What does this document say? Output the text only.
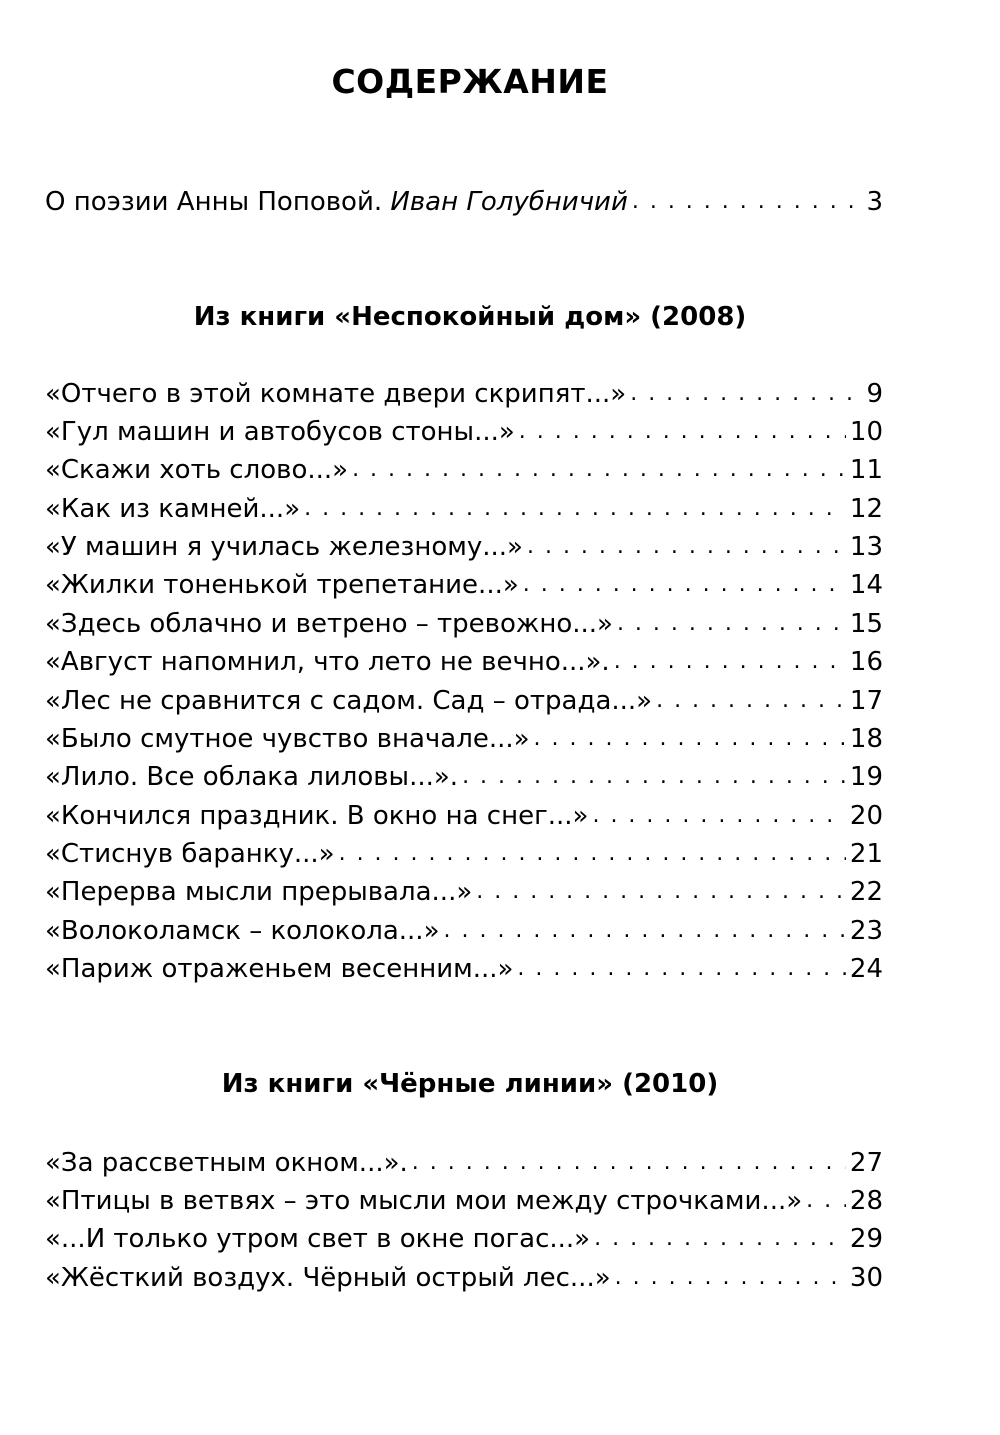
СОДЕРЖАНИЕ
О поэзии Анны Поповой. Иван Голубничий . . .	3
Из книги «Неспокойный дом» (2008)
«Отчего в этой комнате двери скрипят...» . . .	9
«Гул машин и автобусов стоны...» . . .	10
«Скажи хоть слово...» . . .	11
«Как из камней...» . . .	12
«У машин я училась железному...» . . .	13
«Жилки тоненькой трепетание...» . . .	14
«Здесь облачно и ветрено – тревожно...» . . .	15
«Август напомнил, что лето не вечно...». . . .	16
«Лес не сравнится с садом. Сад – отрада...» . . .	17
«Было смутное чувство вначале...» . . .	18
«Лило. Все облака лиловы...». . . .	19
«Кончился праздник. В окно на снег...» . . .	20
«Стиснув баранку...» . . .	21
«Перерва мысли прерывала...» . . .	22
«Волоколамск – колокола...» . . .	23
«Париж отраженьем весенним...» . . .	24
Из книги «Чёрные линии» (2010)
«За рассветным окном...». . . .	27
«Птицы в ветвях – это мысли мои между строчками...» . . . 28
«...И только утром свет в окне погас...» . . .	29
«Жёсткий воздух. Чёрный острый лес...» . . .	30
